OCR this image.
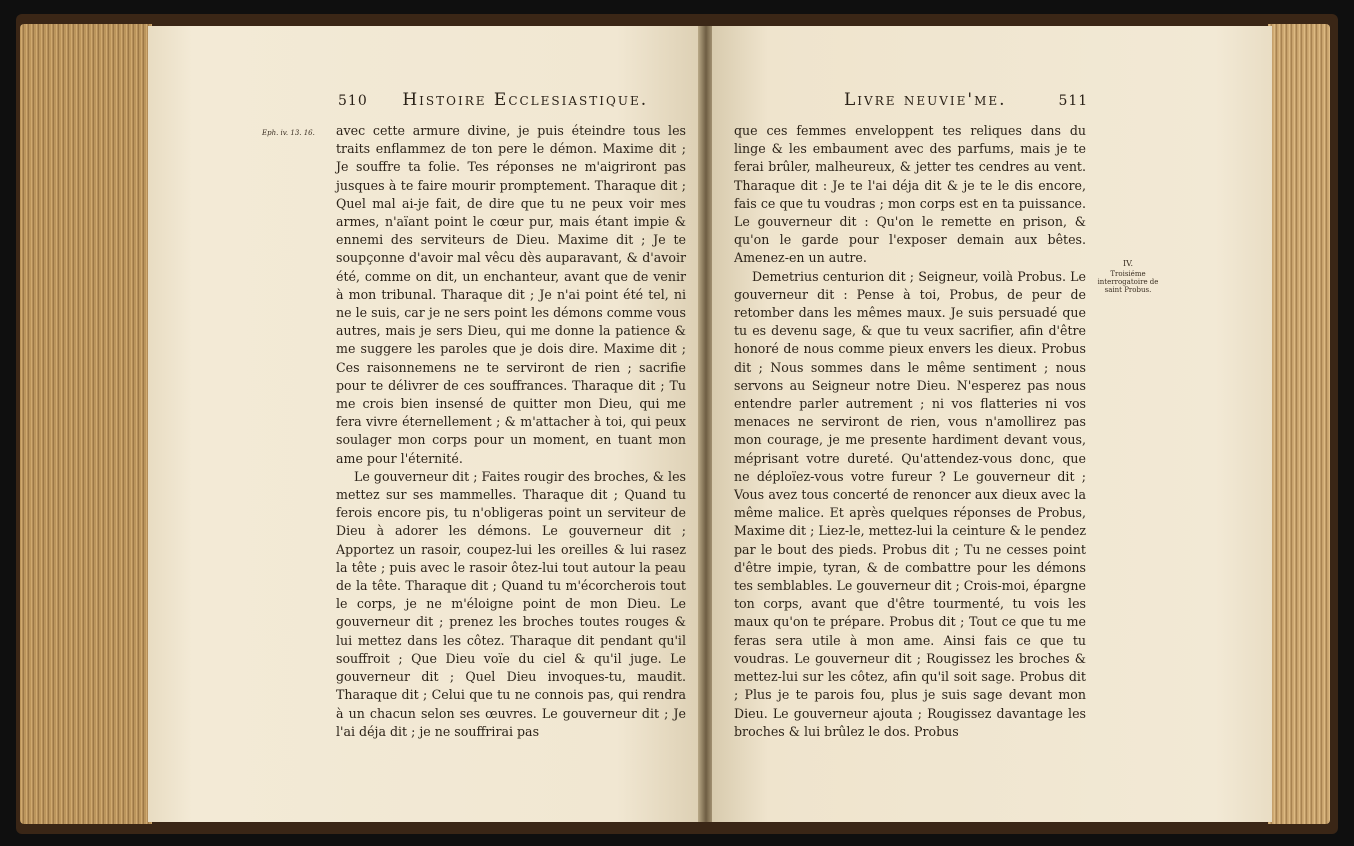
510 Histoire Ecclesiastique.

avec cette armure divine, je puis éteindre tous les traits enflammez de ton pere le démon. Maxime dit ; Je souffre ta folie. Tes réponses ne m'aigriront pas jusques à te faire mourir promptement. Tharaque dit ; Quel mal ai-je fait, de dire que tu ne peux voir mes armes, n'aïant point le cœur pur, mais étant impie & ennemi des serviteurs de Dieu. Maxime dit ; Je te soupçonne d'avoir mal vêcu dès auparavant, & d'avoir été, comme on dit, un enchanteur, avant que de venir à mon tribunal. Tharaque dit ; Je n'ai point été tel, ni ne le suis, car je ne sers point les démons comme vous autres, mais je sers Dieu, qui me donne la patience & me suggere les paroles que je dois dire. Maxime dit ; Ces raisonnemens ne te serviront de rien ; sacrifie pour te délivrer de ces souffrances. Tharaque dit ; Tu me crois bien insensé de quitter mon Dieu, qui me fera vivre éternellement ; & m'attacher à toi, qui peux soulager mon corps pour un moment, en tuant mon ame pour l'éternité.

Le gouverneur dit ; Faites rougir des broches, & les mettez sur ses mammelles. Tharaque dit ; Quand tu ferois encore pis, tu n'obligeras point un serviteur de Dieu à adorer les démons. Le gouverneur dit ; Apportez un rasoir, coupez-lui les oreilles & lui rasez la tête ; puis avec le rasoir ôtez-lui tout autour la peau de la tête. Tharaque dit ; Quand tu m'écorcherois tout le corps, je ne m'éloigne point de mon Dieu. Le gouverneur dit ; prenez les broches toutes rouges & lui mettez dans les côtez. Tharaque dit pendant qu'il souffroit ; Que Dieu voïe du ciel & qu'il juge. Le gouverneur dit ; Quel Dieu invoques-tu, maudit. Tharaque dit ; Celui que tu ne connois pas, qui rendra à un chacun selon ses œuvres. Le gouverneur dit ; Je l'ai déja dit ; je ne souffrirai pas

Eph. iv. 13. 16.
Livre neuvie'me.	511

que ces femmes enveloppent tes reliques dans du linge & les embaument avec des parfums, mais je te ferai brûler, malheureux, & jetter tes cendres au vent. Tharaque dit : Je te l'ai déja dit & je te le dis encore, fais ce que tu voudras ; mon corps est en ta puissance. Le gouverneur dit : Qu'on le remette en prison, & qu'on le garde pour l'exposer demain aux bêtes. Amenez-en un autre.

Demetrius centurion dit ; Seigneur, voilà Probus. Le gouverneur dit : Pense à toi, Probus, de peur de retomber dans les mêmes maux. Je suis persuadé que tu es devenu sage, & que tu veux sacrifier, afin d'être honoré de nous comme pieux envers les dieux. Probus dit ; Nous sommes dans le même sentiment ; nous servons au Seigneur notre Dieu. N'esperez pas nous entendre parler autrement ; ni vos flatteries ni vos menaces ne serviront de rien, vous n'amollirez pas mon courage, je me presente hardiment devant vous, méprisant votre dureté. Qu'attendez-vous donc, que ne déploïez-vous votre fureur ? Le gouverneur dit ; Vous avez tous concerté de renoncer aux dieux avec la même malice. Et après quelques réponses de Probus, Maxime dit ; Liez-le, mettez-lui la ceinture & le pendez par le bout des pieds. Probus dit ; Tu ne cesses point d'être impie, tyran, & de combattre pour les démons tes semblables. Le gouverneur dit ; Crois-moi, épargne ton corps, avant que d'être tourmenté, tu vois les maux qu'on te prépare. Probus dit ; Tout ce que tu me feras sera utile à mon ame. Ainsi fais ce que tu voudras. Le gouverneur dit ; Rougissez les broches & mettez-lui sur les côtez, afin qu'il soit sage. Probus dit ; Plus je te parois fou, plus je suis sage devant mon Dieu. Le gouverneur ajouta ; Rougissez davantage les broches & lui brûlez le dos. Probus

IV.
Troisiéme interrogatoire de saint Probus.
